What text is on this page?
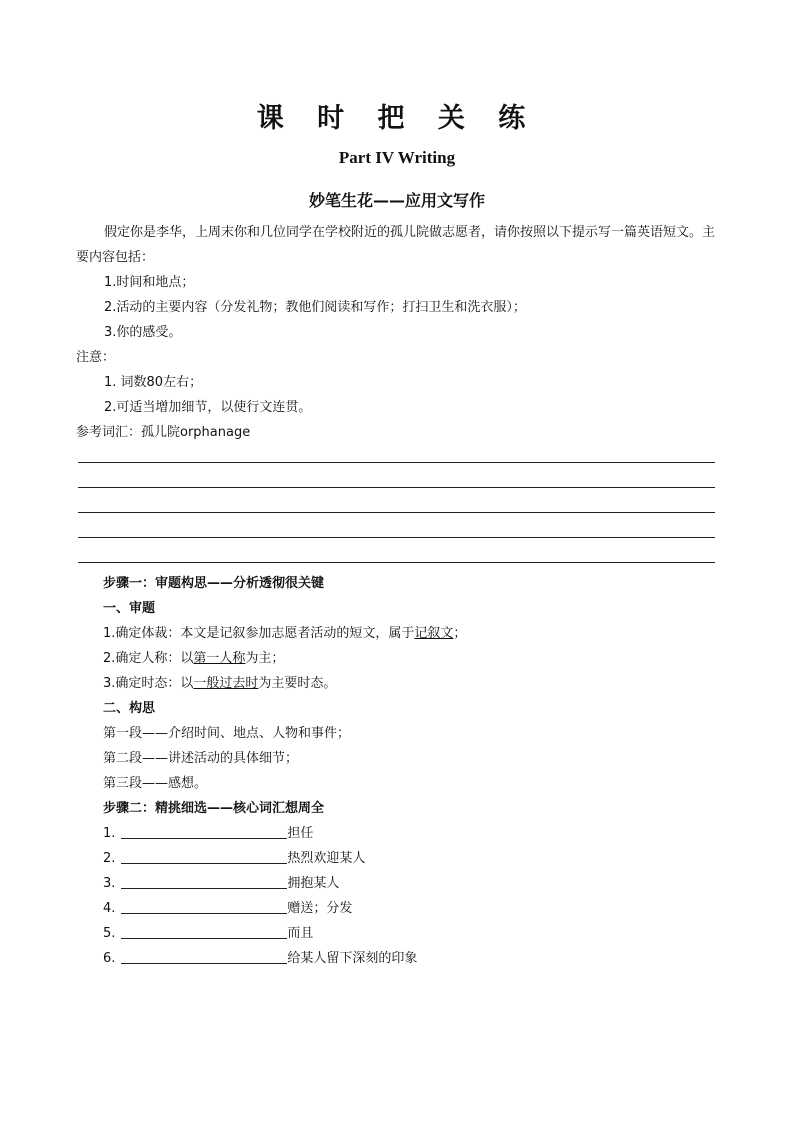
课 时 把 关 练
Part IV Writing
妙笔生花——应用文写作

假定你是李华，上周末你和几位同学在学校附近的孤儿院做志愿者，请你按照以下提示写一篇英语短文。主要内容包括：

1.时间和地点；

2.活动的主要内容（分发礼物；教他们阅读和写作；打扫卫生和洗衣服）；

3.你的感受。

注意：

1. 词数80左右；

2.可适当增加细节，以使行文连贯。

参考词汇：孤儿院orphanage

步骤一：审题构思——分析透彻很关键

一、审题

1.确定体裁：本文是记叙参加志愿者活动的短文，属于记叙文；

2.确定人称：以第一人称为主；

3.确定时态：以一般过去时为主要时态。

二、构思

第一段——介绍时间、地点、人物和事件；

第二段——讲述活动的具体细节；

第三段——感想。

步骤二：精挑细选——核心词汇想周全

1.	担任

2.	热烈欢迎某人

3.	拥抱某人

4.	赠送；分发

5.	而且

6.	给某人留下深刻的印象
